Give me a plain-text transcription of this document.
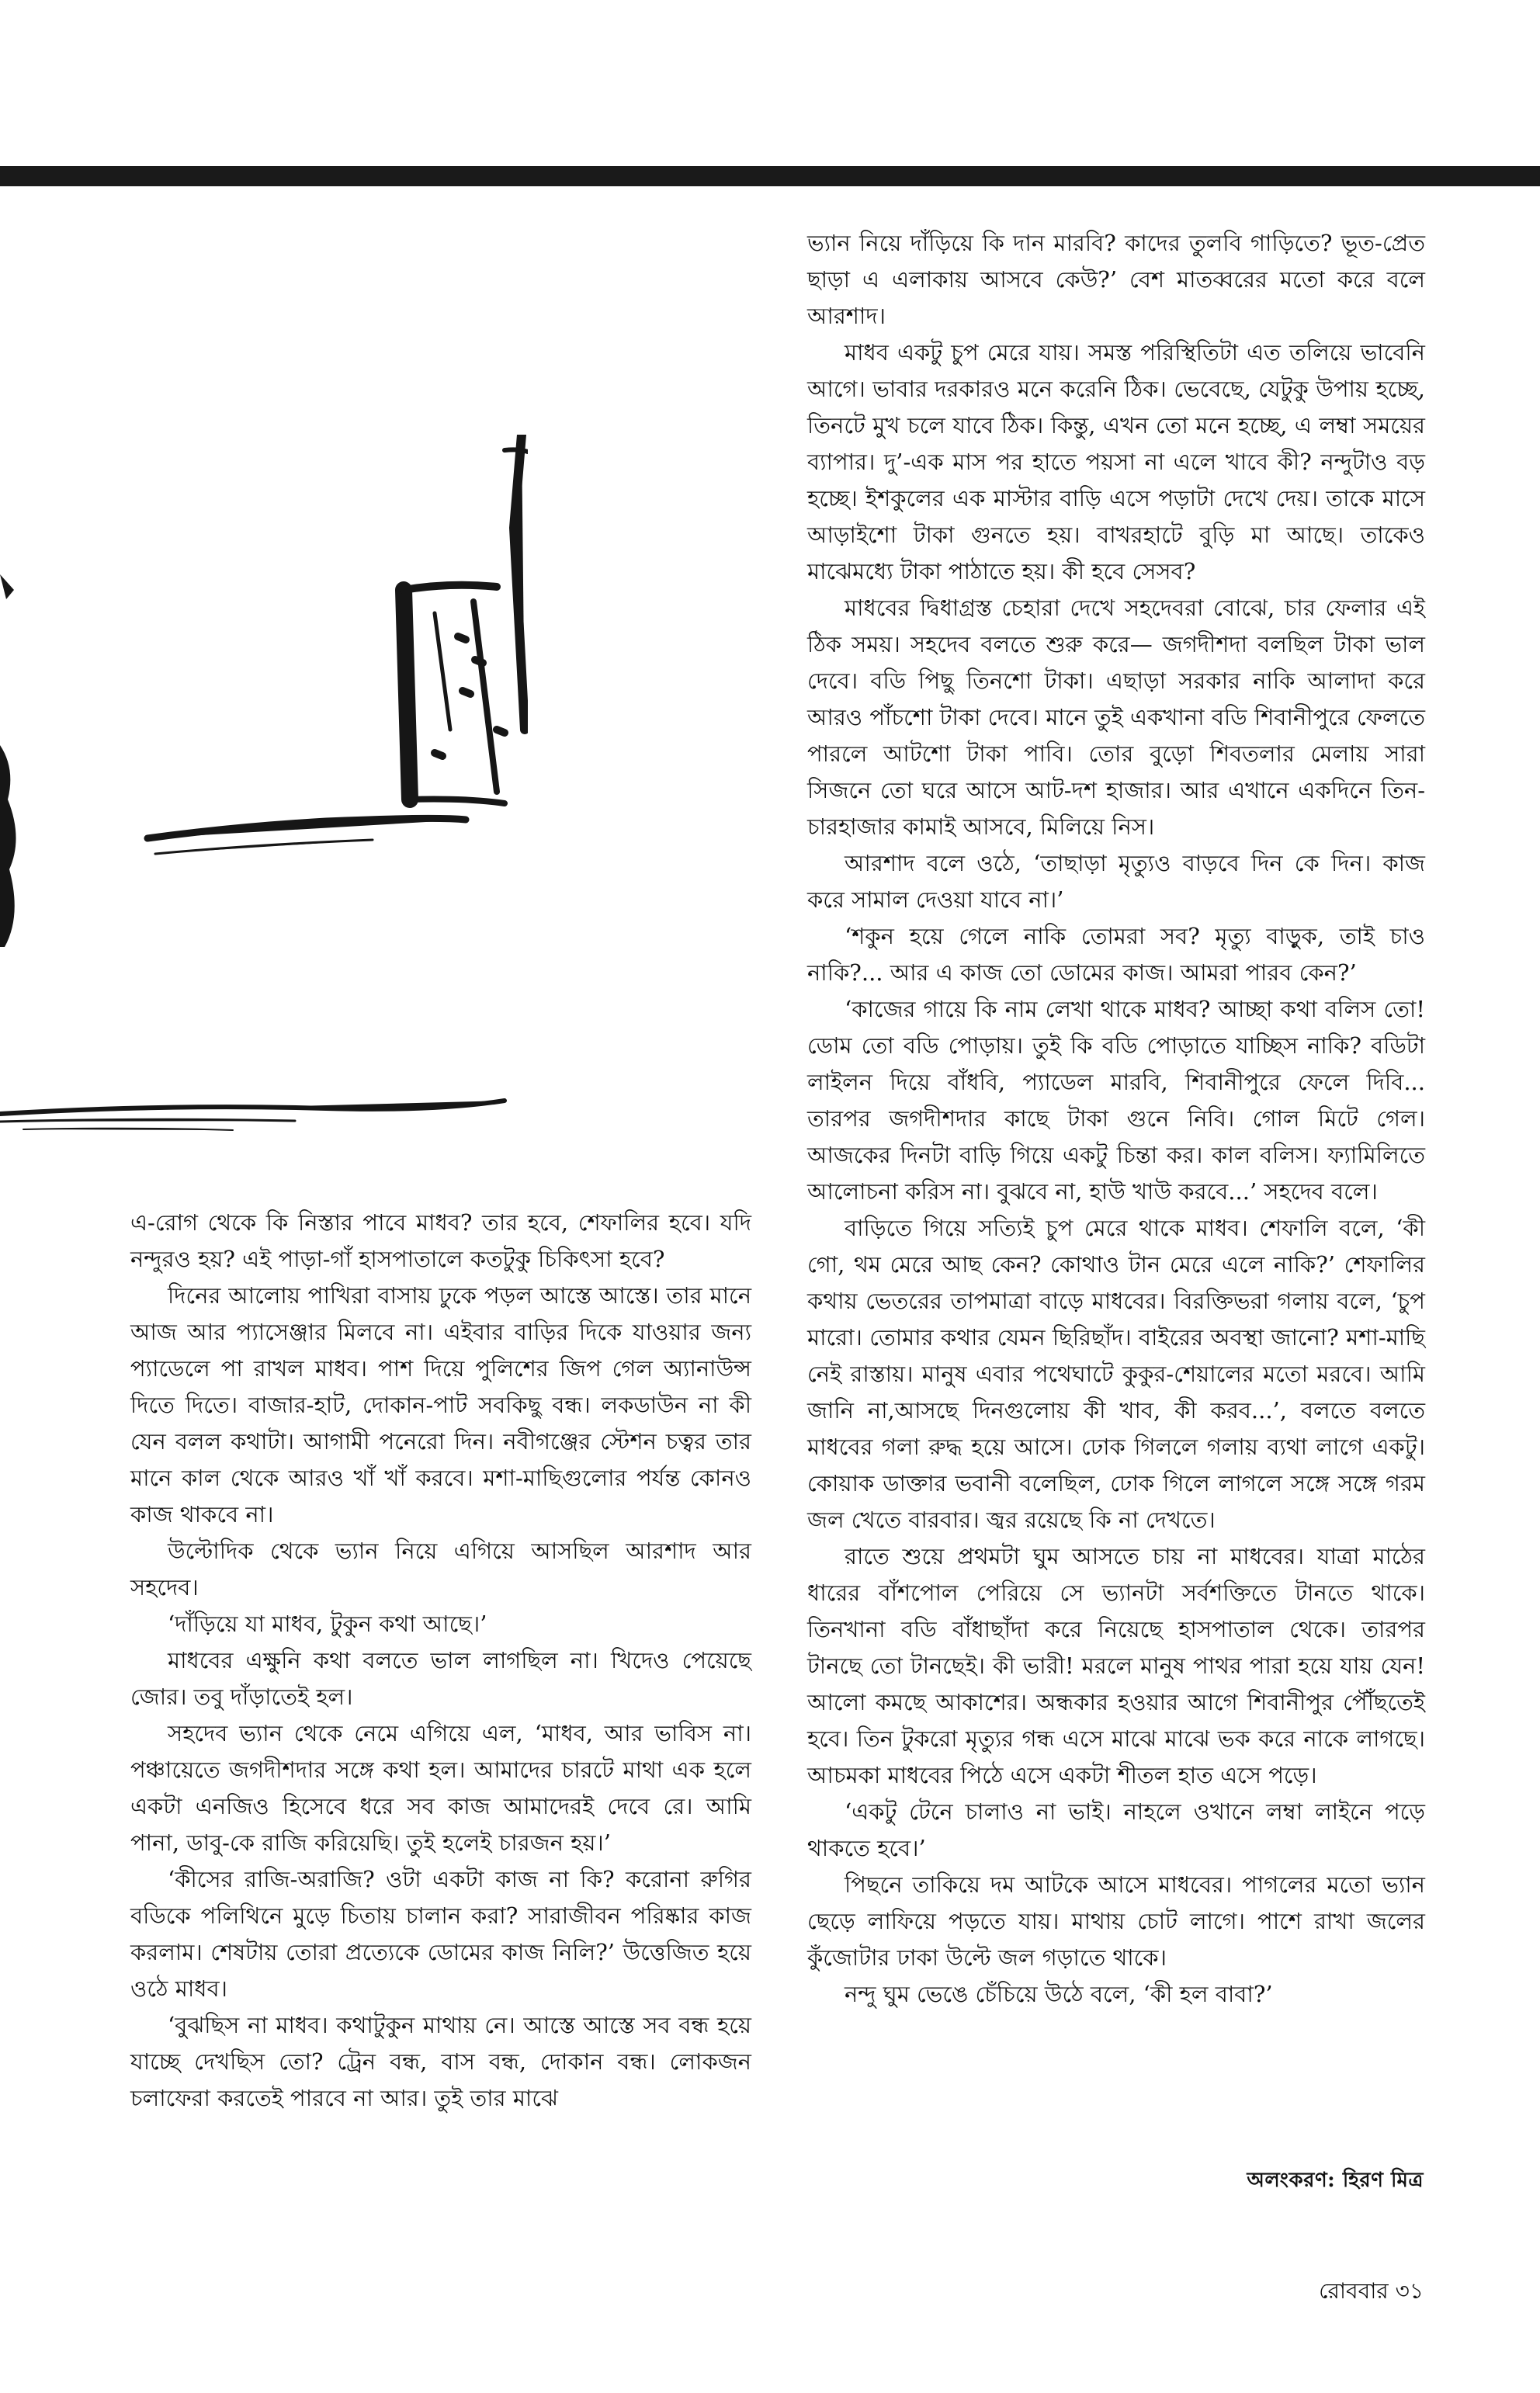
এ-রোগ থেকে কি নিস্তার পাবে মাধব? তার হবে, শেফালির হবে। যদি নন্দুরও হয়? এই পাড়া-গাঁ হাসপাতালে কতটুকু চিকিৎসা হবে?

দিনের আলোয় পাখিরা বাসায় ঢুকে পড়ল আস্তে আস্তে। তার মানে আজ আর প্যাসেঞ্জার মিলবে না। এইবার বাড়ির দিকে যাওয়ার জন্য প্যাডেলে পা রাখল মাধব। পাশ দিয়ে পুলিশের জিপ গেল অ্যানাউন্স দিতে দিতে। বাজার-হাট, দোকান-পাট সবকিছু বন্ধ। লকডাউন না কী যেন বলল কথাটা। আগামী পনেরো দিন। নবীগঞ্জের স্টেশন চত্বর তার মানে কাল থেকে আরও খাঁ খাঁ করবে। মশা-মাছিগুলোর পর্যন্ত কোনও কাজ থাকবে না।

উল্টোদিক থেকে ভ্যান নিয়ে এগিয়ে আসছিল আরশাদ আর সহদেব।

‘দাঁড়িয়ে যা মাধব, টুকুন কথা আছে।’

মাধবের এক্ষুনি কথা বলতে ভাল লাগছিল না। খিদেও পেয়েছে জোর। তবু দাঁড়াতেই হল।

সহদেব ভ্যান থেকে নেমে এগিয়ে এল, ‘মাধব, আর ভাবিস না। পঞ্চায়েতে জগদীশদার সঙ্গে কথা হল। আমাদের চারটে মাথা এক হলে একটা এনজিও হিসেবে ধরে সব কাজ আমাদেরই দেবে রে। আমি পানা, ডাবু-কে রাজি করিয়েছি। তুই হলেই চারজন হয়।’

‘কীসের রাজি-অরাজি? ওটা একটা কাজ না কি? করোনা রুগির বডিকে পলিথিনে মুড়ে চিতায় চালান করা? সারাজীবন পরিষ্কার কাজ করলাম। শেষটায় তোরা প্রত্যেকে ডোমের কাজ নিলি?’ উত্তেজিত হয়ে ওঠে মাধব।

‘বুঝছিস না মাধব। কথাটুকুন মাথায় নে। আস্তে আস্তে সব বন্ধ হয়ে যাচ্ছে দেখছিস তো? ট্রেন বন্ধ, বাস বন্ধ, দোকান বন্ধ। লোকজন চলাফেরা করতেই পারবে না আর। তুই তার মাঝে

ভ্যান নিয়ে দাঁড়িয়ে কি দান মারবি? কাদের তুলবি গাড়িতে? ভূত-প্রেত ছাড়া এ এলাকায় আসবে কেউ?’ বেশ মাতব্বরের মতো করে বলে আরশাদ।

মাধব একটু চুপ মেরে যায়। সমস্ত পরিস্থিতিটা এত তলিয়ে ভাবেনি আগে। ভাবার দরকারও মনে করেনি ঠিক। ভেবেছে, যেটুকু উপায় হচ্ছে, তিনটে মুখ চলে যাবে ঠিক। কিন্তু, এখন তো মনে হচ্ছে, এ লম্বা সময়ের ব্যাপার। দু’-এক মাস পর হাতে পয়সা না এলে খাবে কী? নন্দুটাও বড় হচ্ছে। ইশকুলের এক মাস্টার বাড়ি এসে পড়াটা দেখে দেয়। তাকে মাসে আড়াইশো টাকা গুনতে হয়। বাখরহাটে বুড়ি মা আছে। তাকেও মাঝেমধ্যে টাকা পাঠাতে হয়। কী হবে সেসব?

মাধবের দ্বিধাগ্রস্ত চেহারা দেখে সহদেবরা বোঝে, চার ফেলার এই ঠিক সময়। সহদেব বলতে শুরু করে— জগদীশদা বলছিল টাকা ভাল দেবে। বডি পিছু তিনশো টাকা। এছাড়া সরকার নাকি আলাদা করে আরও পাঁচশো টাকা দেবে। মানে তুই একখানা বডি শিবানীপুরে ফেলতে পারলে আটশো টাকা পাবি। তোর বুড়ো শিবতলার মেলায় সারা সিজনে তো ঘরে আসে আট-দশ হাজার। আর এখানে একদিনে তিন-চারহাজার কামাই আসবে, মিলিয়ে নিস।

আরশাদ বলে ওঠে, ‘তাছাড়া মৃত্যুও বাড়বে দিন কে দিন। কাজ করে সামাল দেওয়া যাবে না।’

‘শকুন হয়ে গেলে নাকি তোমরা সব? মৃত্যু বাড়ুক, তাই চাও নাকি?... আর এ কাজ তো ডোমের কাজ। আমরা পারব কেন?’

‘কাজের গায়ে কি নাম লেখা থাকে মাধব? আচ্ছা কথা বলিস তো! ডোম তো বডি পোড়ায়। তুই কি বডি পোড়াতে যাচ্ছিস নাকি? বডিটা লাইলন দিয়ে বাঁধবি, প্যাডেল মারবি, শিবানীপুরে ফেলে দিবি... তারপর জগদীশদার কাছে টাকা গুনে নিবি। গোল মিটে গেল। আজকের দিনটা বাড়ি গিয়ে একটু চিন্তা কর। কাল বলিস। ফ্যামিলিতে আলোচনা করিস না। বুঝবে না, হাউ খাউ করবে...’ সহদেব বলে।

বাড়িতে গিয়ে সত্যিই চুপ মেরে থাকে মাধব। শেফালি বলে, ‘কী গো, থম মেরে আছ কেন? কোথাও টান মেরে এলে নাকি?’ শেফালির কথায় ভেতরের তাপমাত্রা বাড়ে মাধবের। বিরক্তিভরা গলায় বলে, ‘চুপ মারো। তোমার কথার যেমন ছিরিছাঁদ। বাইরের অবস্থা জানো? মশা-মাছি নেই রাস্তায়। মানুষ এবার পথেঘাটে কুকুর-শেয়ালের মতো মরবে। আমি জানি না,আসছে দিনগুলোয় কী খাব, কী করব...’, বলতে বলতে মাধবের গলা রুদ্ধ হয়ে আসে। ঢোক গিললে গলায় ব্যথা লাগে একটু। কোয়াক ডাক্তার ভবানী বলেছিল, ঢোক গিলে লাগলে সঙ্গে সঙ্গে গরম জল খেতে বারবার। জ্বর রয়েছে কি না দেখতে।

রাতে শুয়ে প্রথমটা ঘুম আসতে চায় না মাধবের। যাত্রা মাঠের ধারের বাঁশপোল পেরিয়ে সে ভ্যানটা সর্বশক্তিতে টানতে থাকে। তিনখানা বডি বাঁধাছাঁদা করে নিয়েছে হাসপাতাল থেকে। তারপর টানছে তো টানছেই। কী ভারী! মরলে মানুষ পাথর পারা হয়ে যায় যেন! আলো কমছে আকাশের। অন্ধকার হওয়ার আগে শিবানীপুর পৌঁছতেই হবে। তিন টুকরো মৃত্যুর গন্ধ এসে মাঝে মাঝে ভক করে নাকে লাগছে। আচমকা মাধবের পিঠে এসে একটা শীতল হাত এসে পড়ে।

‘একটু টেনে চালাও না ভাই। নাহলে ওখানে লম্বা লাইনে পড়ে থাকতে হবে।’

পিছনে তাকিয়ে দম আটকে আসে মাধবের। পাগলের মতো ভ্যান ছেড়ে লাফিয়ে পড়তে যায়। মাথায় চোট লাগে। পাশে রাখা জলের কুঁজোটার ঢাকা উল্টে জল গড়াতে থাকে।

নন্দু ঘুম ভেঙে চেঁচিয়ে উঠে বলে, ‘কী হল বাবা?’

অলংকরণ: হিরণ মিত্র
রোববার ৩১
